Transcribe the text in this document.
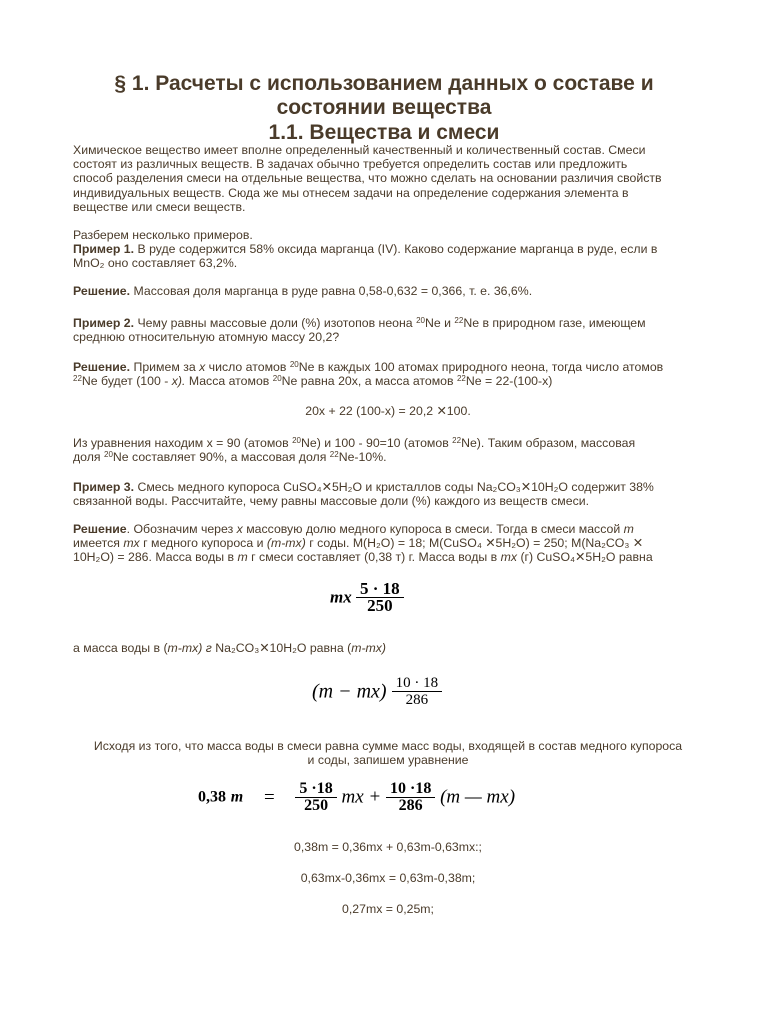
§ 1. Расчеты с использованием данных о составе и
состоянии вещества
1.1. Вещества и смеси
Химическое вещество имеет вполне определенный качественный и количественный состав. Смеси
состоят из различных веществ. В задачах обычно требуется определить состав или предложить
способ разделения смеси на отдельные вещества, что можно сделать на основании различия свойств
индивидуальных веществ. Сюда же мы отнесем задачи на определение содержания элемента в
веществе или смеси веществ.
Разберем несколько примеров.
Пример 1. В руде содержится 58% оксида марганца (IV). Каково содержание марганца в руде, если в
MnO₂ оно составляет 63,2%.
Решение. Массовая доля марганца в руде равна 0,58-0,632 = 0,366, т. е. 36,6%.
Пример 2. Чему равны массовые доли (%) изотопов неона $^{20}$Ne и $^{22}$Ne в природном газе, имеющем
среднюю относительную атомную массу 20,2?
Решение. Примем за x число атомов $^{20}$Ne в каждых 100 атомах природного неона, тогда число атомов
$^{22}$Ne будет (100 - x). Масса атомов $^{20}$Ne равна 20x, а масса атомов $^{22}$Ne = 22-(100-x)
20x + 22 (100-x) = 20,2 ✕100.
Из уравнения находим x = 90 (атомов $^{20}$Ne) и 100 - 90=10 (атомов $^{22}$Ne). Таким образом, массовая
доля $^{20}$Ne составляет 90%, а массовая доля $^{22}$Ne-10%.
Пример 3. Смесь медного купороса CuSO₄✕5H₂O и кристаллов соды Na₂CO₃✕10H₂O содержит 38%
связанной воды. Рассчитайте, чему равны массовые доли (%) каждого из веществ смеси.
Решение. Обозначим через x массовую долю медного купороса в смеси. Тогда в смеси массой m
имеется mx г медного купороса и (m-mx) г соды. M(H₂O) = 18; M(CuSO₄ ✕5H₂O) = 250; M(Na₂CO₃ ✕
10H₂O) = 286. Масса воды в m г смеси составляет (0,38 т) г. Масса воды в mx (г) CuSO₄✕5H₂O равна
mx $\frac{5 \cdot 18}{250}$
а масса воды в (m-mx) г Na₂CO₃✕10H₂O равна (m-mx)
$(m - mx) \frac{10 \cdot 18}{286}$
Исходя из того, что масса воды в смеси равна сумме масс воды, входящей в состав медного купороса
и соды, запишем уравнение
0,38 $m = \frac{5 \cdot 18}{250}$ mx + $\frac{10 \cdot 18}{286} (m$ — mx)
0,38m = 0,36mx + 0,63m-0,63mx:;
0,63mx-0,36mx = 0,63m-0,38m;
0,27mx = 0,25m;
